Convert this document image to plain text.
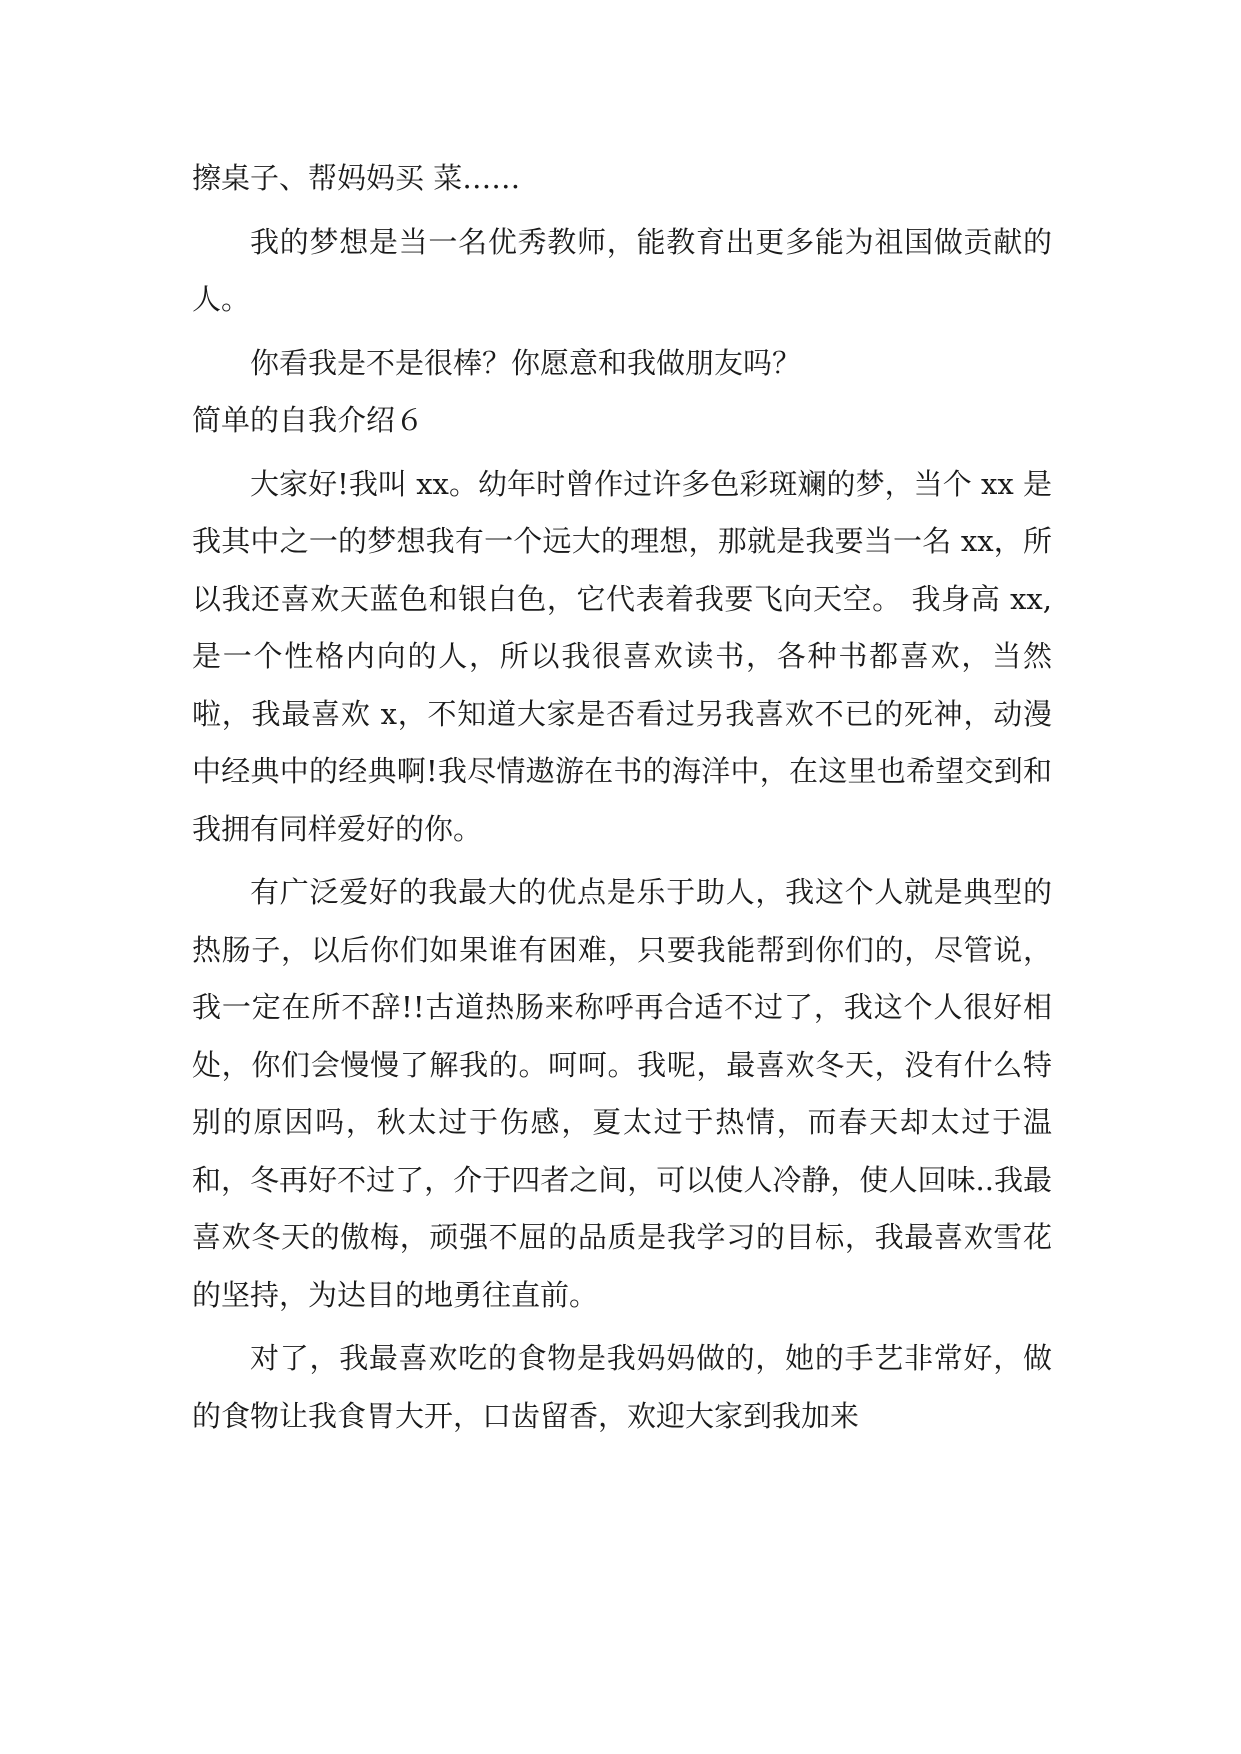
擦桌子、帮妈妈买 菜……

我的梦想是当一名优秀教师，能教育出更多能为祖国做贡献的人。

你看我是不是很棒？你愿意和我做朋友吗？

简单的自我介绍６

大家好!我叫 xx。幼年时曾作过许多色彩斑斓的梦，当个 xx 是我其中之一的梦想我有一个远大的理想，那就是我要当一名 xx，所以我还喜欢天蓝色和银白色，它代表着我要飞向天空。 我身高 xx,是一个性格内向的人，所以我很喜欢读书，各种书都喜欢，当然啦，我最喜欢 x，不知道大家是否看过另我喜欢不已的死神，动漫中经典中的经典啊!我尽情遨游在书的海洋中，在这里也希望交到和我拥有同样爱好的你。

有广泛爱好的我最大的优点是乐于助人，我这个人就是典型的热肠子，以后你们如果谁有困难，只要我能帮到你们的，尽管说，我一定在所不辞!!古道热肠来称呼再合适不过了，我这个人很好相处，你们会慢慢了解我的。呵呵。我呢，最喜欢冬天，没有什么特别的原因吗，秋太过于伤感，夏太过于热情，而春天却太过于温和，冬再好不过了，介于四者之间，可以使人冷静，使人回味..我最喜欢冬天的傲梅，顽强不屈的品质是我学习的目标，我最喜欢雪花的坚持，为达目的地勇往直前。

对了，我最喜欢吃的食物是我妈妈做的，她的手艺非常好，做的食物让我食胃大开，口齿留香，欢迎大家到我加来
